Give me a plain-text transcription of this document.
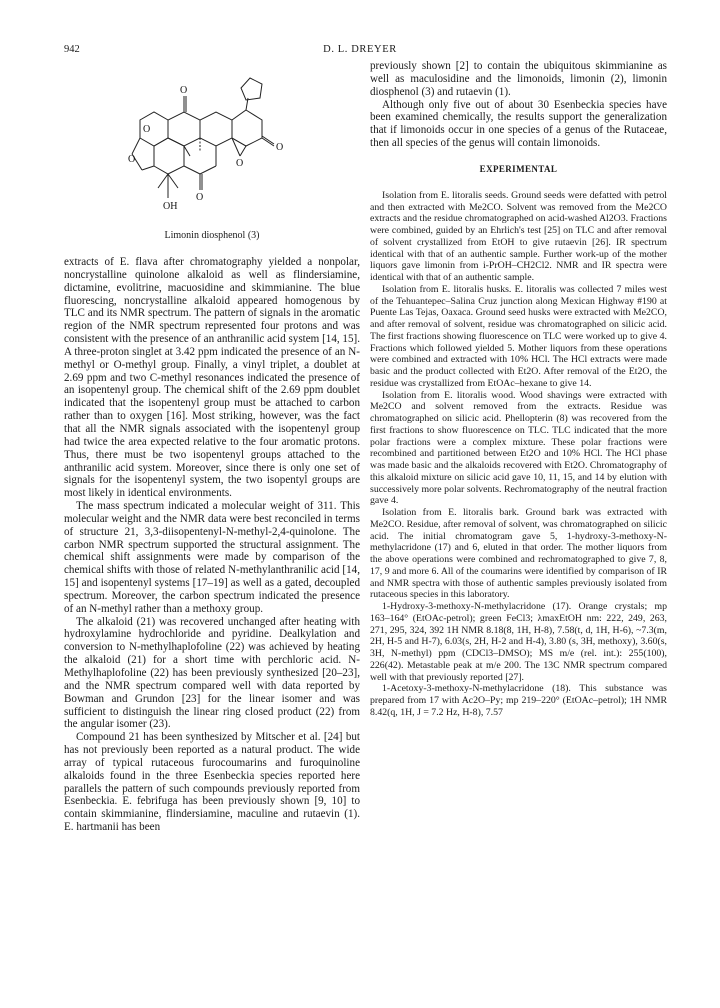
942	D. L. DREYER
O
O
O	O
O
O
OH
Limonin diosphenol (3)

extracts of E. flava after chromatography yielded a nonpolar, noncrystalline quinolone alkaloid as well as flindersiamine, dictamine, evolitrine, macuosidine and skimmianine. The blue fluorescing, noncrystalline alkaloid appeared homogenous by TLC and its NMR spectrum. The pattern of signals in the aromatic region of the NMR spectrum represented four protons and was consistent with the presence of an anthranilic acid system [14, 15]. A three-proton singlet at 3.42 ppm indicated the presence of an N-methyl or O-methyl group. Finally, a vinyl triplet, a doublet at 2.69 ppm and two C-methyl resonances indicated the presence of an isopentenyl group. The chemical shift of the 2.69 ppm doublet indicated that the isopentenyl group must be attached to carbon rather than to oxygen [16]. Most striking, however, was the fact that all the NMR signals associated with the isopentenyl group had twice the area expected relative to the four aromatic protons. Thus, there must be two isopentenyl groups attached to the anthranilic acid system. Moreover, since there is only one set of signals for the isopentenyl system, the two isopentyl groups are most likely in identical environments.

The mass spectrum indicated a molecular weight of 311. This molecular weight and the NMR data were best reconciled in terms of structure 21, 3,3-diisopentenyl-N-methyl-2,4-quinolone. The carbon NMR spectrum supported the structural assignment. The chemical shift assignments were made by comparison of the chemical shifts with those of related N-methylanthranilic acid [14, 15] and isopentenyl systems [17–19] as well as a gated, decoupled spectrum. Moreover, the carbon spectrum indicated the presence of an N-methyl rather than a methoxy group.

The alkaloid (21) was recovered unchanged after heating with hydroxylamine hydrochloride and pyridine. Dealkylation and conversion to N-methylhaplofoline (22) was achieved by heating the alkaloid (21) for a short time with perchloric acid. N-Methylhaplofoline (22) has been previously synthesized [20–23], and the NMR spectrum compared well with data reported by Bowman and Grundon [23] for the linear isomer and was sufficient to distinguish the linear ring closed product (22) from the angular isomer (23).

Compound 21 has been synthesized by Mitscher et al. [24] but has not previously been reported as a natural product. The wide array of typical rutaceous furocoumarins and furoquinoline alkaloids found in the three Esenbeckia species reported here parallels the pattern of such compounds previously reported from Esenbeckia. E. febrifuga has been previously shown [9, 10] to contain skimmianine, flindersiamine, maculine and rutaevin (1). E. hartmanii has been

previously shown [2] to contain the ubiquitous skimmianine as well as maculosidine and the limonoids, limonin (2), limonin diosphenol (3) and rutaevin (1).

Although only five out of about 30 Esenbeckia species have been examined chemically, the results support the generalization that if limonoids occur in one species of a genus of the Rutaceae, then all species of the genus will contain limonoids.

EXPERIMENTAL

Isolation from E. litoralis seeds. Ground seeds were defatted with petrol and then extracted with Me2CO. Solvent was removed from the Me2CO extracts and the residue chromatographed on acid-washed Al2O3. Fractions were combined, guided by an Ehrlich's test [25] on TLC and after removal of solvent crystallized from EtOH to give rutaevin [26]. IR spectrum identical with that of an authentic sample. Further work-up of the mother liquors gave limonin from i-PrOH–CH2Cl2. NMR and IR spectra were identical with that of an authentic sample.

Isolation from E. litoralis husks. E. litoralis was collected 7 miles west of the Tehuantepec–Salina Cruz junction along Mexican Highway #190 at Puente Las Tejas, Oaxaca. Ground seed husks were extracted with Me2CO, and after removal of solvent, residue was chromatographed on silicic acid. The first fractions showing fluorescence on TLC were worked up to give 4. Fractions which followed yielded 5. Mother liquors from these operations were combined and extracted with 10% HCl. The HCl extracts were made basic and the product collected with Et2O. After removal of the Et2O, the residue was crystallized from EtOAc–hexane to give 14.

Isolation from E. litoralis wood. Wood shavings were extracted with Me2CO and solvent removed from the extracts. Residue was chromatographed on silicic acid. Phellopterin (8) was recovered from the first fractions to show fluorescence on TLC. TLC indicated that the more polar fractions were a complex mixture. These polar fractions were recombined and partitioned between Et2O and 10% HCl. The HCl phase was made basic and the alkaloids recovered with Et2O. Chromatography of this alkaloid mixture on silicic acid gave 10, 11, 15, and 14 by elution with successively more polar solvents. Rechromatography of the neutral fraction gave 4.

Isolation from E. litoralis bark. Ground bark was extracted with Me2CO. Residue, after removal of solvent, was chromatographed on silicic acid. The initial chromatogram gave 5, 1-hydroxy-3-methoxy-N-methylacridone (17) and 6, eluted in that order. The mother liquors from the above operations were combined and rechromatographed to give 7, 8, 17, 9 and more 6. All of the coumarins were identified by comparison of IR and NMR spectra with those of authentic samples previously isolated from rutaceous species in this laboratory.

1-Hydroxy-3-methoxy-N-methylacridone (17). Orange crystals; mp 163–164° (EtOAc-petrol); green FeCl3; λmaxEtOH nm: 222, 249, 263, 271, 295, 324, 392 1H NMR 8.18(8, 1H, H-8), 7.58(t, d, 1H, H-6), ~7.3(m, 2H, H-5 and H-7), 6.03(s, 2H, H-2 and H-4), 3.80 (s, 3H, methoxy), 3.60(s, 3H, N-methyl) ppm (CDCl3–DMSO); MS m/e (rel. int.): 255(100), 226(42). Metastable peak at m/e 200. The 13C NMR spectrum compared well with that previously reported [27].

1-Acetoxy-3-methoxy-N-methylacridone (18). This substance was prepared from 17 with Ac2O–Py; mp 219–220° (EtOAc–petrol); 1H NMR 8.42(q, 1H, J = 7.2 Hz, H-8), 7.57
